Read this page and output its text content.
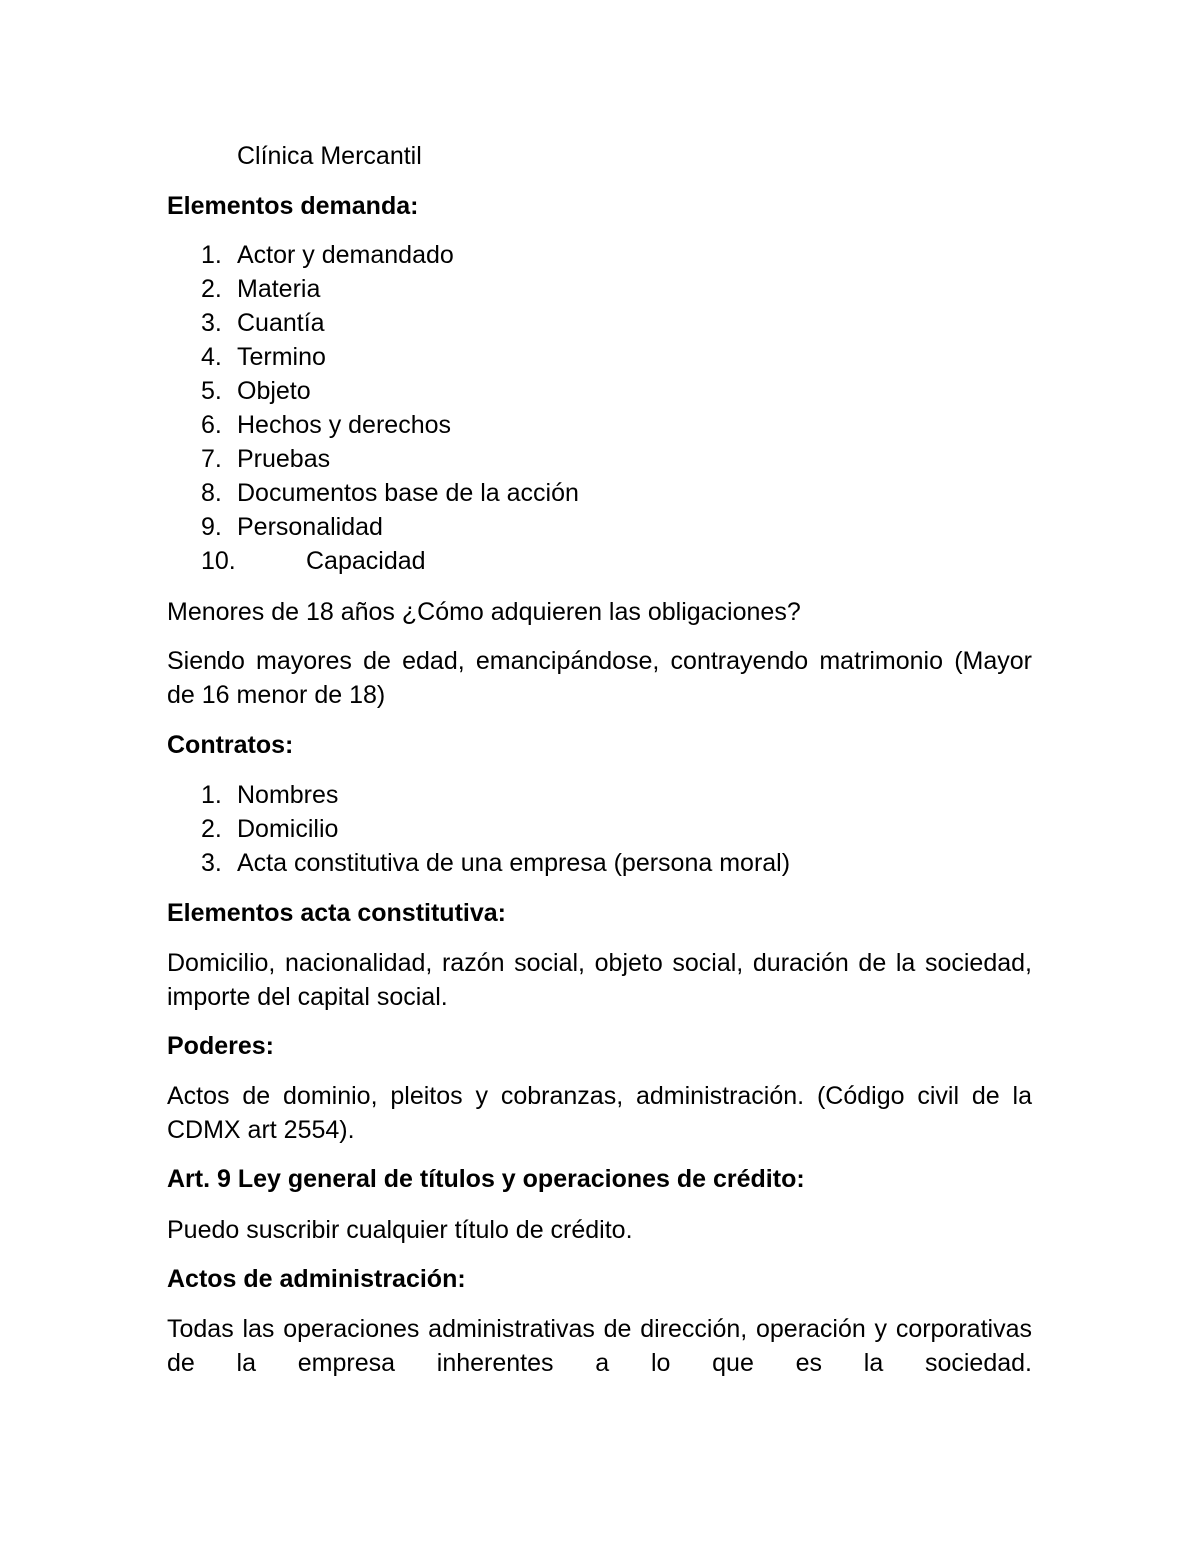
Clínica Mercantil

Elementos demanda:

1. Actor y demandado
2. Materia
3. Cuantía
4. Termino
5. Objeto
6. Hechos y derechos
7. Pruebas
8. Documentos base de la acción
9. Personalidad
10.	Capacidad

Menores de 18 años ¿Cómo adquieren las obligaciones?

Siendo mayores de edad, emancipándose, contrayendo matrimonio (Mayor de 16 menor de 18)

Contratos:

1. Nombres
2. Domicilio
3. Acta constitutiva de una empresa (persona moral)

Elementos acta constitutiva:

Domicilio, nacionalidad, razón social, objeto social, duración de la sociedad, importe del capital social.

Poderes:

Actos de dominio, pleitos y cobranzas, administración. (Código civil de la CDMX art 2554).

Art. 9 Ley general de títulos y operaciones de crédito:

Puedo suscribir cualquier título de crédito.

Actos de administración:

Todas las operaciones administrativas de dirección, operación y corporativas de la empresa inherentes a lo que es la sociedad.
